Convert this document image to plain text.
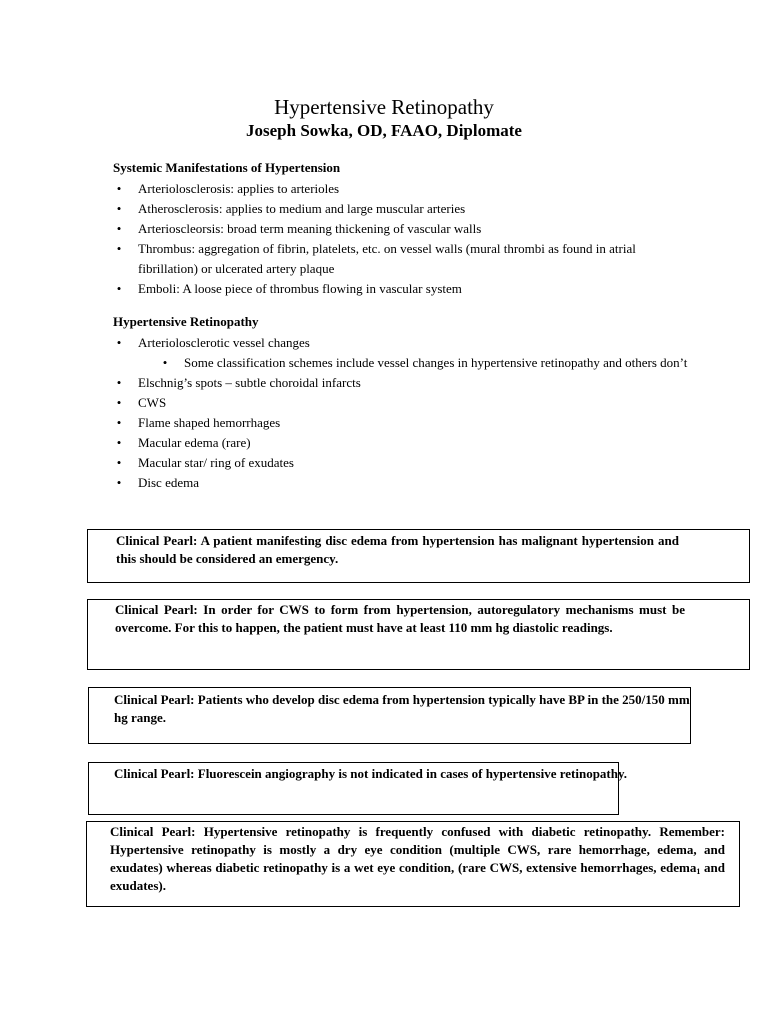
Hypertensive Retinopathy
Joseph Sowka, OD, FAAO, Diplomate
Systemic Manifestations of Hypertension
• Arteriolosclerosis: applies to arterioles
• Atherosclerosis: applies to medium and large muscular arteries
• Arterioscleorsis: broad term meaning thickening of vascular walls
• Thrombus: aggregation of fibrin, platelets, etc. on vessel walls (mural thrombi as found in atrial fibrillation) or ulcerated artery plaque
• Emboli: A loose piece of thrombus flowing in vascular system
Hypertensive Retinopathy
• Arteriolosclerotic vessel changes
• Some classification schemes include vessel changes in hypertensive retinopathy and others don’t
• Elschnig’s spots – subtle choroidal infarcts
• CWS
• Flame shaped hemorrhages
• Macular edema (rare)
• Macular star/ ring of exudates
• Disc edema
Clinical Pearl: A patient manifesting disc edema from hypertension has malignant hypertension and this should be considered an emergency.
Clinical Pearl: In order for CWS to form from hypertension, autoregulatory mechanisms must be overcome. For this to happen, the patient must have at least 110 mm hg diastolic readings.
Clinical Pearl: Patients who develop disc edema from hypertension typically have BP in the 250/150 mm hg range.
Clinical Pearl: Fluorescein angiography is not indicated in cases of hypertensive retinopathy.
Clinical Pearl: Hypertensive retinopathy is frequently confused with diabetic retinopathy. Remember: Hypertensive retinopathy is mostly a dry eye condition (multiple CWS, rare hemorrhage, edema, and exudates) whereas diabetic retinopathy is a wet eye condition, (rare CWS, extensive hemorrhages, edema$_1$ and exudates).
